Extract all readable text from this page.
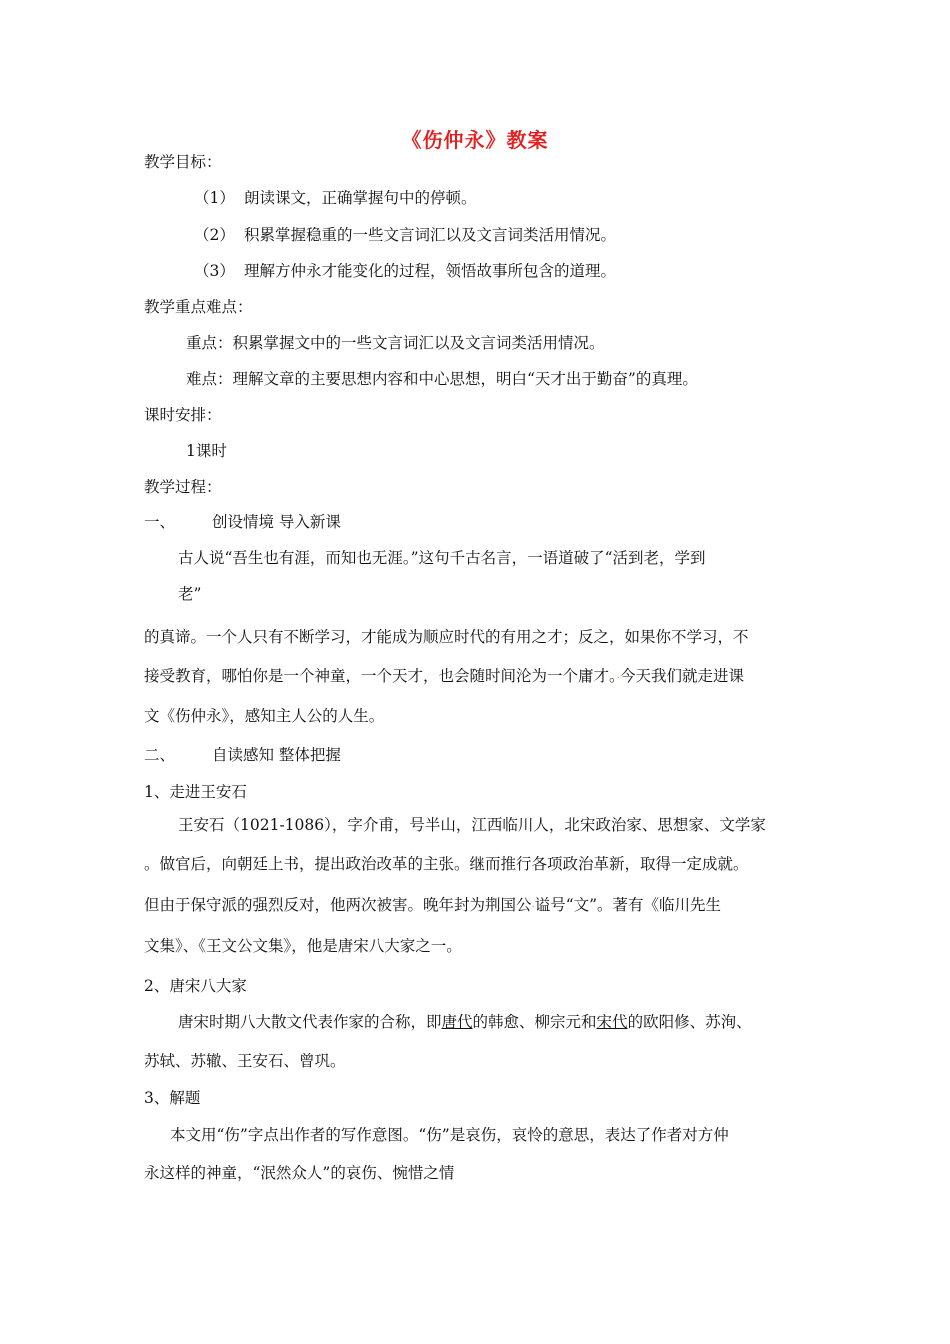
《伤仲永》教案
教学目标：
（1） 朗读课文，正确掌握句中的停顿。
（2） 积累掌握稳重的一些文言词汇以及文言词类活用情况。
（3） 理解方仲永才能变化的过程，领悟故事所包含的道理。
教学重点难点：
重点：积累掌握文中的一些文言词汇以及文言词类活用情况。
难点：理解文章的主要思想内容和中心思想，明白“天才出于勤奋”的真理。
课时安排：
1课时
教学过程：
一、 创设情境 导入新课
古人说“吾生也有涯，而知也无涯。”这句千古名言，一语道破了“活到老，学到
老”
的真谛。一个人只有不断学习，才能成为顺应时代的有用之才；反之，如果你不学习，不
接受教育，哪怕你是一个神童，一个天才，也会随时间沦为一个庸才。·今天我们就走进课
文《伤仲永》，感知主人公的人生。
二、 自读感知 整体把握
1、走进王安石
王安石（1021-1086），字介甫，号半山，江西临川人，北宋政治家、思想家、文学家
。做官后，向朝廷上书，提出政治改革的主张。继而推行各项政治革新，取得一定成就。
但由于保守派的强烈反对，他两次被害。晚年封为荆国公·谥号“文”。著有《临川先生
文集》、《王文公文集》，他是唐宋八大家之一。
2、唐宋八大家
唐宋时期八大散文代表作家的合称，即唐代的韩愈、柳宗元和宋代的欧阳修、苏洵、
苏轼、苏辙、王安石、曾巩。
3、解题
本文用“伤”字点出作者的写作意图。“伤”是哀伤，哀怜的意思，表达了作者对方仲
永这样的神童，“泯然众人”的哀伤、惋惜之情
